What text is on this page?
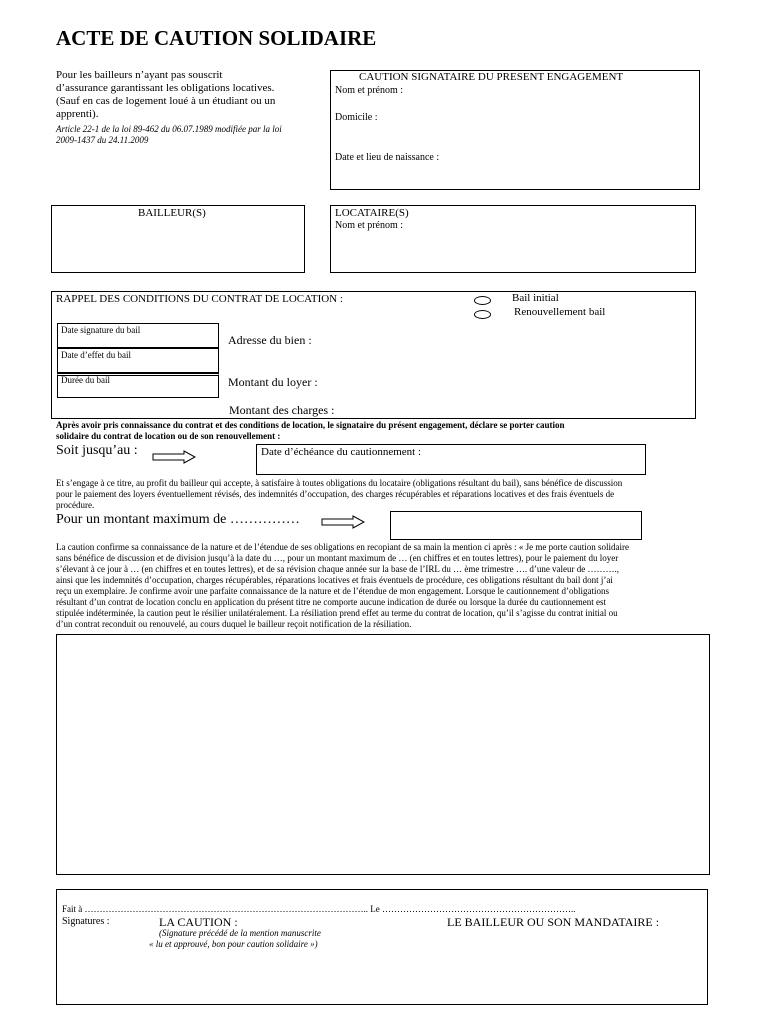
ACTE DE CAUTION SOLIDAIRE
Pour les bailleurs n’ayant pas souscrit
d’assurance garantissant les obligations locatives.
(Sauf en cas de logement loué à un étudiant ou un
apprenti).
Article 22-1 de la loi 89-462 du 06.07.1989 modifiée par la loi
2009-1437 du 24.11.2009
CAUTION SIGNATAIRE DU PRESENT ENGAGEMENT
Nom et prénom :
Domicile :
Date et lieu de naissance :
BAILLEUR(S)	LOCATAIRE(S)
Nom et prénom :
RAPPEL DES CONDITIONS DU CONTRAT DE LOCATION :	Bail initial
Renouvellement bail
Date signature du bail
Date d’effet du bail
Durée du bail
Adresse du bien :
Montant du loyer :
Montant des charges :
Après avoir pris connaissance du contrat et des conditions de location, le signataire du présent engagement, déclare se porter caution
solidaire du contrat de location ou de son renouvellement :
Soit jusqu’au :	Date d’échéance du cautionnement :
Et s’engage à ce titre, au profit du bailleur qui accepte, à satisfaire à toutes obligations du locataire (obligations résultant du bail), sans bénéfice de discussion
pour le paiement des loyers éventuellement révisés, des indemnités d’occupation, des charges récupérables et réparations locatives et des frais éventuels de
procédure.
Pour un montant maximum de ……………
La caution confirme sa connaissance de la nature et de l’étendue de ses obligations en recopiant de sa main la mention ci après : « Je me porte caution solidaire
sans bénéfice de discussion et de division jusqu’à la date du …, pour un montant maximum de … (en chiffres et en toutes lettres), pour le paiement du loyer
s’élevant à ce jour à … (en chiffres et en toutes lettres), et de sa révision chaque année sur la base de l’IRL du … ème trimestre …. d’une valeur de ……….,
ainsi que les indemnités d’occupation, charges récupérables, réparations locatives et frais éventuels de procédure, ces obligations résultant du bail dont j’ai
reçu un exemplaire. Je confirme avoir une parfaite connaissance de la nature et de l’étendue de mon engagement. Lorsque le cautionnement d’obligations
résultant d’un contrat de location conclu en application du présent titre ne comporte aucune indication de durée ou lorsque la durée du cautionnement est
stipulée indéterminée, la caution peut le résilier unilatéralement. La résiliation prend effet au terme du contrat de location, qu’il s’agisse du contrat initial ou
d’un contrat reconduit ou renouvelé, au cours duquel le bailleur reçoit notification de la résiliation.
Fait à ………………………………………………………………………………….. Le ………………………………………………………..
Signatures :	LA CAUTION :
(Signature précédé de la mention manuscrite
« lu et approuvé, bon pour caution solidaire »)
LE BAILLEUR OU SON MANDATAIRE :
